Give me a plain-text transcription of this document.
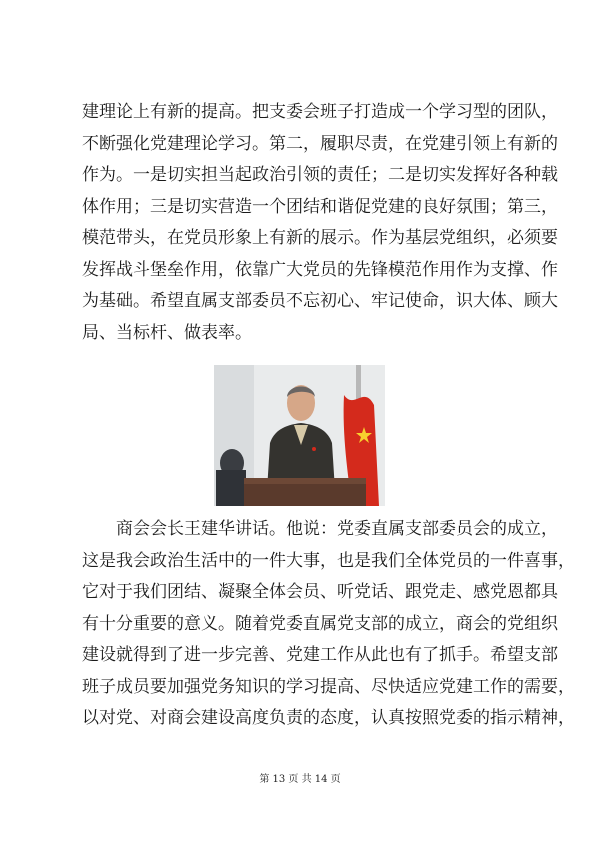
建理论上有新的提高。把支委会班子打造成一个学习型的团队，
不断强化党建理论学习。第二，履职尽责，在党建引领上有新的
作为。一是切实担当起政治引领的责任；二是切实发挥好各种载
体作用；三是切实营造一个团结和谐促党建的良好氛围；第三，
模范带头，在党员形象上有新的展示。作为基层党组织，必须要
发挥战斗堡垒作用，依靠广大党员的先锋模范作用作为支撑、作
为基础。希望直属支部委员不忘初心、牢记使命，识大体、顾大
局、当标杆、做表率。
商会会长王建华讲话。他说：党委直属支部委员会的成立，
这是我会政治生活中的一件大事，也是我们全体党员的一件喜事，
它对于我们团结、凝聚全体会员、听党话、跟党走、感党恩都具
有十分重要的意义。随着党委直属党支部的成立，商会的党组织
建设就得到了进一步完善、党建工作从此也有了抓手。希望支部
班子成员要加强党务知识的学习提高、尽快适应党建工作的需要，
以对党、对商会建设高度负责的态度，认真按照党委的指示精神，
第 13 页 共 14 页
